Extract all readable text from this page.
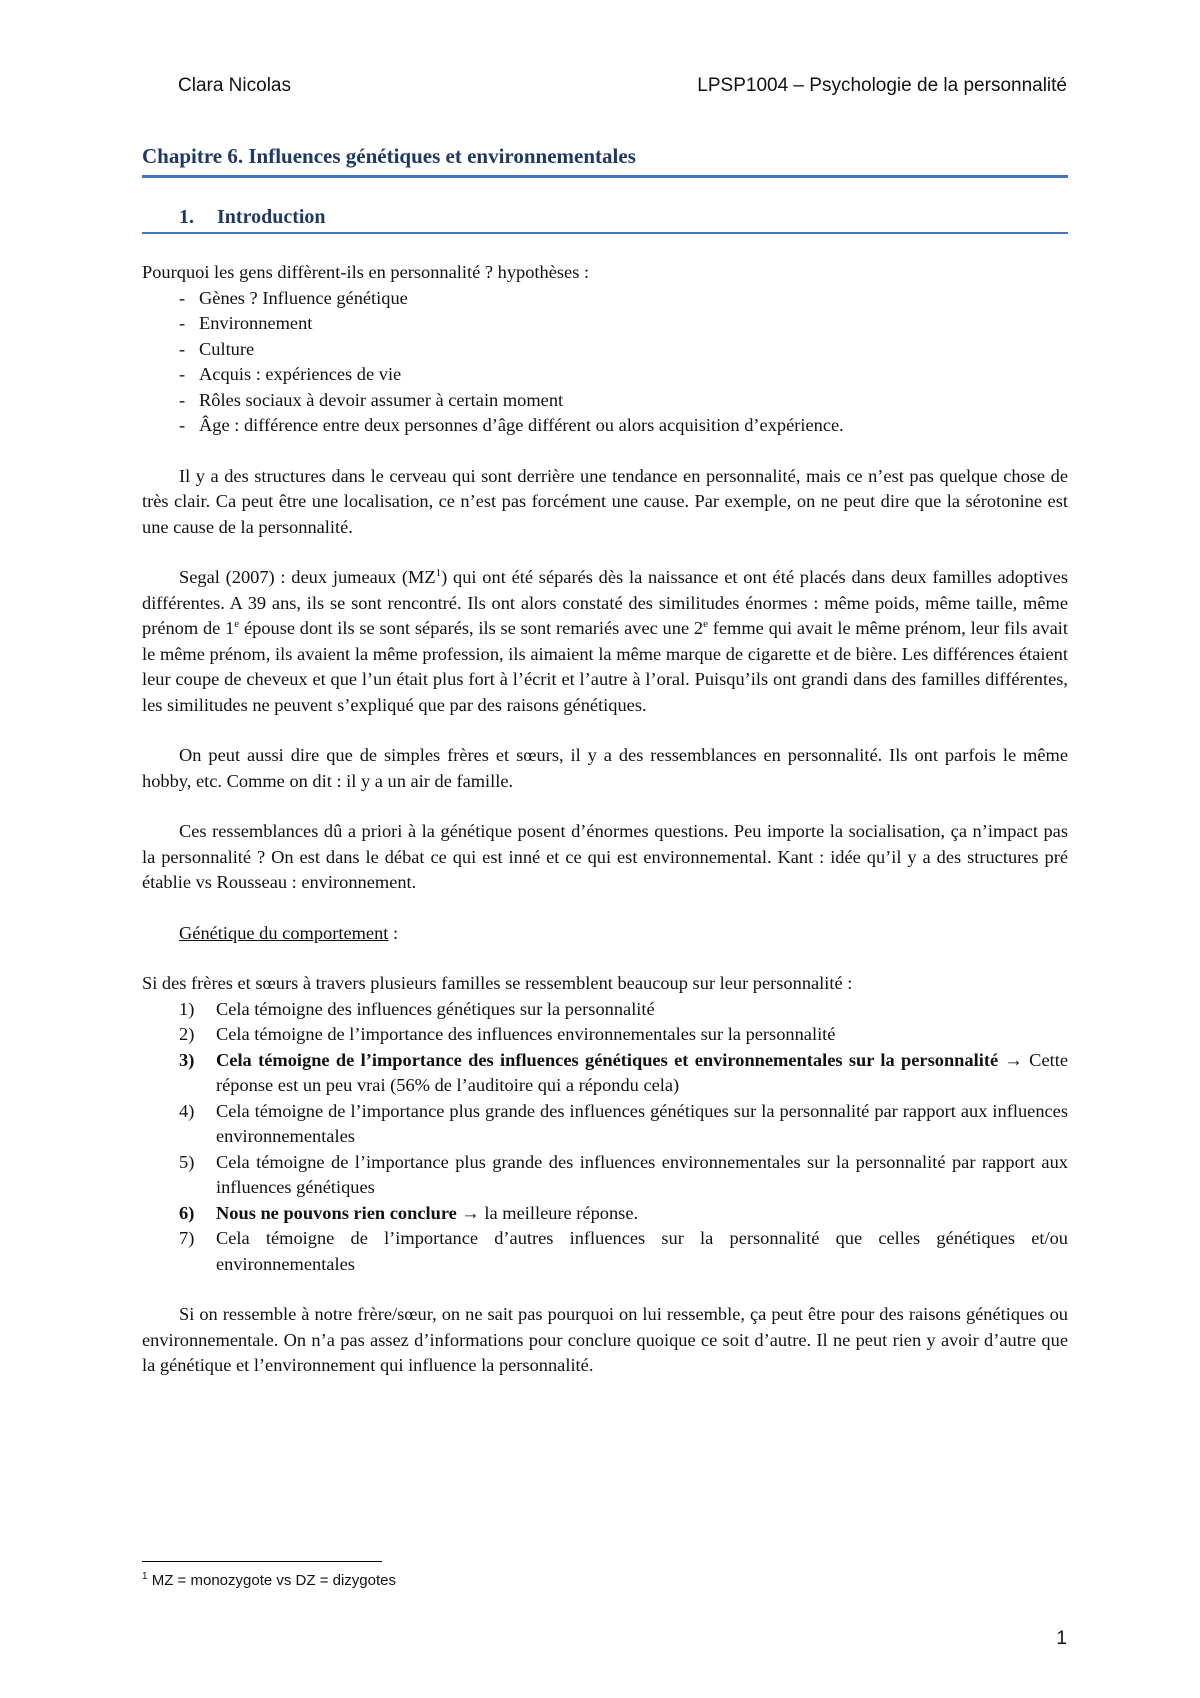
Clara Nicolas	LPSP1004 – Psychologie de la personnalité
Chapitre 6. Influences génétiques et environnementales
1. Introduction

Pourquoi les gens diffèrent-ils en personnalité ? hypothèses :

- Gènes ? Influence génétique
- Environnement
- Culture
- Acquis : expériences de vie
- Rôles sociaux à devoir assumer à certain moment
- Âge : différence entre deux personnes d’âge différent ou alors acquisition d’expérience.

Il y a des structures dans le cerveau qui sont derrière une tendance en personnalité, mais ce n’est pas quelque chose de très clair. Ca peut être une localisation, ce n’est pas forcément une cause. Par exemple, on ne peut dire que la sérotonine est une cause de la personnalité.

Segal (2007) : deux jumeaux $(MZ^1)$ qui ont été séparés dès la naissance et ont été placés dans deux familles adoptives différentes. A 39 ans, ils se sont rencontré. Ils ont alors constaté des similitudes énormes : même poids, même taille, même prénom de 1e épouse dont ils se sont séparés, ils se sont remariés avec une 2e femme qui avait le même prénom, leur fils avait le même prénom, ils avaient la même profession, ils aimaient la même marque de cigarette et de bière. Les différences étaient leur coupe de cheveux et que l’un était plus fort à l’écrit et l’autre à l’oral. Puisqu’ils ont grandi dans des familles différentes, les similitudes ne peuvent s’expliqué que par des raisons génétiques.

On peut aussi dire que de simples frères et sœurs, il y a des ressemblances en personnalité. Ils ont parfois le même hobby, etc. Comme on dit : il y a un air de famille.

Ces ressemblances dû a priori à la génétique posent d’énormes questions. Peu importe la socialisation, ça n’impact pas la personnalité ? On est dans le débat ce qui est inné et ce qui est environnemental. Kant : idée qu’il y a des structures pré établie vs Rousseau : environnement.

Génétique du comportement :

Si des frères et sœurs à travers plusieurs familles se ressemblent beaucoup sur leur personnalité :

1) Cela témoigne des influences génétiques sur la personnalité
2) Cela témoigne de l’importance des influences environnementales sur la personnalité
3) Cela témoigne de l’importance des influences génétiques et environnementales sur la personnalité → Cette réponse est un peu vrai (56% de l’auditoire qui a répondu cela)
4) Cela témoigne de l’importance plus grande des influences génétiques sur la personnalité par rapport aux influences environnementales
5) Cela témoigne de l’importance plus grande des influences environnementales sur la personnalité par rapport aux influences génétiques
6) Nous ne pouvons rien conclure → la meilleure réponse.
7) Cela témoigne de l’importance d’autres influences sur la personnalité que celles génétiques et/ou environnementales

Si on ressemble à notre frère/sœur, on ne sait pas pourquoi on lui ressemble, ça peut être pour des raisons génétiques ou environnementale. On n’a pas assez d’informations pour conclure quoique ce soit d’autre. Il ne peut rien y avoir d’autre que la génétique et l’environnement qui influence la personnalité.

$^1$ MZ = monozygote vs DZ = dizygotes
1
